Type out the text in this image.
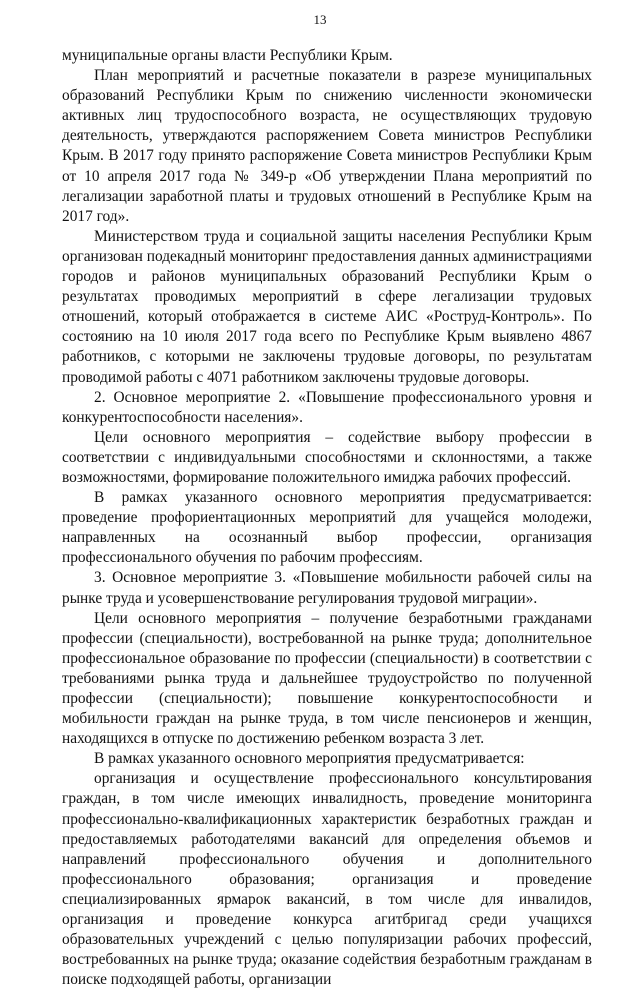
13

муниципальные органы власти Республики Крым.

План мероприятий и расчетные показатели в разрезе муниципальных образований Республики Крым по снижению численности экономически активных лиц трудоспособного возраста, не осуществляющих трудовую деятельность, утверждаются распоряжением Совета министров Республики Крым. В 2017 году принято распоряжение Совета министров Республики Крым от 10 апреля 2017 года № 349-р «Об утверждении Плана мероприятий по легализации заработной платы и трудовых отношений в Республике Крым на 2017 год».

Министерством труда и социальной защиты населения Республики Крым организован подекадный мониторинг предоставления данных администрациями городов и районов муниципальных образований Республики Крым о результатах проводимых мероприятий в сфере легализации трудовых отношений, который отображается в системе АИС «Роструд-Контроль». По состоянию на 10 июля 2017 года всего по Республике Крым выявлено 4867 работников, с которыми не заключены трудовые договоры, по результатам проводимой работы с 4071 работником заключены трудовые договоры.

2. Основное мероприятие 2. «Повышение профессионального уровня и конкурентоспособности населения».

Цели основного мероприятия – содействие выбору профессии в соответствии с индивидуальными способностями и склонностями, а также возможностями, формирование положительного имиджа рабочих профессий.

В рамках указанного основного мероприятия предусматривается: проведение профориентационных мероприятий для учащейся молодежи, направленных на осознанный выбор профессии, организация профессионального обучения по рабочим профессиям.

3. Основное мероприятие 3. «Повышение мобильности рабочей силы на рынке труда и усовершенствование регулирования трудовой миграции».

Цели основного мероприятия – получение безработными гражданами профессии (специальности), востребованной на рынке труда; дополнительное профессиональное образование по профессии (специальности) в соответствии с требованиями рынка труда и дальнейшее трудоустройство по полученной профессии (специальности); повышение конкурентоспособности и мобильности граждан на рынке труда, в том числе пенсионеров и женщин, находящихся в отпуске по достижению ребенком возраста 3 лет.

В рамках указанного основного мероприятия предусматривается:

организация и осуществление профессионального консультирования граждан, в том числе имеющих инвалидность, проведение мониторинга профессионально-квалификационных характеристик безработных граждан и предоставляемых работодателями вакансий для определения объемов и направлений профессионального обучения и дополнительного профессионального образования; организация и проведение специализированных ярмарок вакансий, в том числе для инвалидов, организация и проведение конкурса агитбригад среди учащихся образовательных учреждений с целью популяризации рабочих профессий, востребованных на рынке труда; оказание содействия безработным гражданам в поиске подходящей работы, организации
